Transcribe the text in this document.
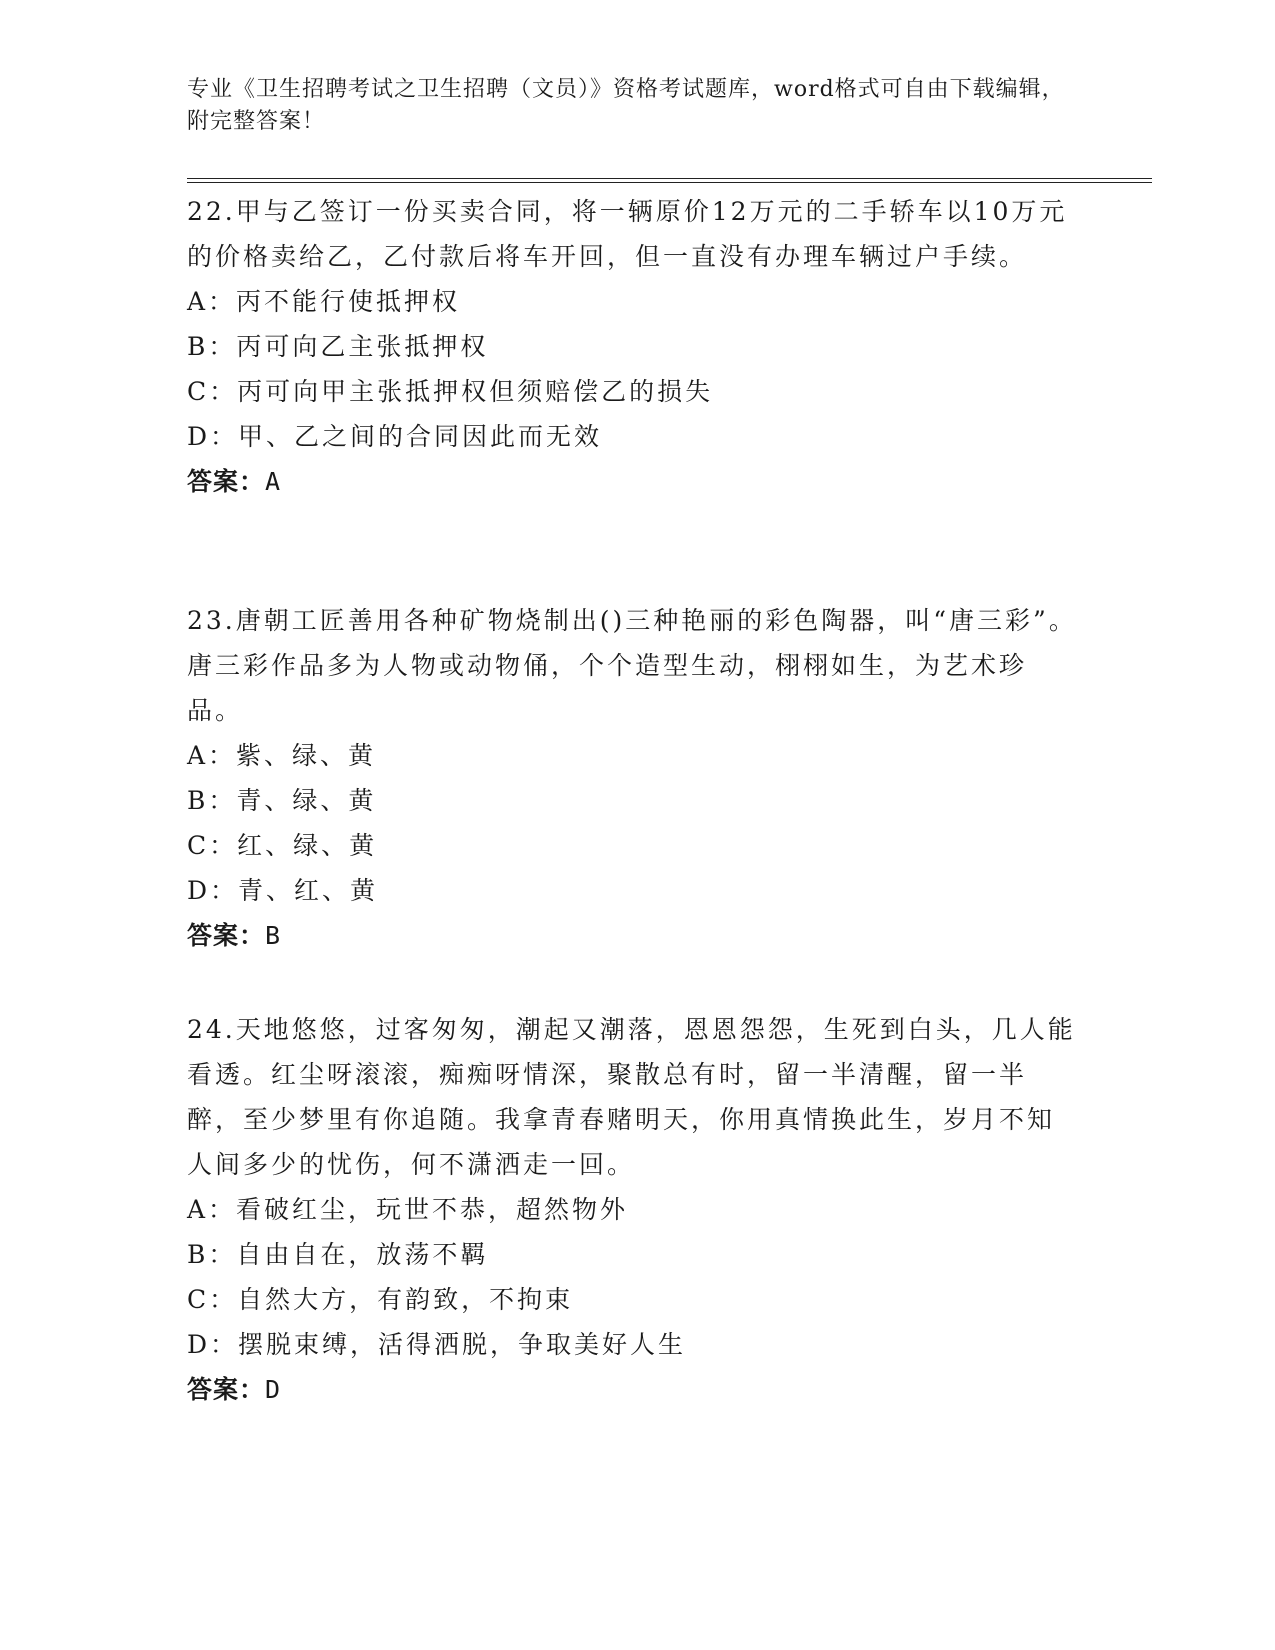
专业《卫生招聘考试之卫生招聘（文员）》资格考试题库，word格式可自由下载编辑，附完整答案！

22.甲与乙签订一份买卖合同，将一辆原价12万元的二手轿车以10万元的价格卖给乙，乙付款后将车开回，但一直没有办理车辆过户手续。

A：丙不能行使抵押权

B：丙可向乙主张抵押权

C：丙可向甲主张抵押权但须赔偿乙的损失

D：甲、乙之间的合同因此而无效

答案：A

23.唐朝工匠善用各种矿物烧制出()三种艳丽的彩色陶器，叫“唐三彩”。唐三彩作品多为人物或动物俑，个个造型生动，栩栩如生，为艺术珍品。

A：紫、绿、黄

B：青、绿、黄

C：红、绿、黄

D：青、红、黄

答案：B

24.天地悠悠，过客匆匆，潮起又潮落，恩恩怨怨，生死到白头，几人能看透。红尘呀滚滚，痴痴呀情深，聚散总有时，留一半清醒，留一半醉，至少梦里有你追随。我拿青春赌明天，你用真情换此生，岁月不知人间多少的忧伤，何不潇洒走一回。

A：看破红尘，玩世不恭，超然物外

B：自由自在，放荡不羁

C：自然大方，有韵致，不拘束

D：摆脱束缚，活得洒脱，争取美好人生

答案：D
